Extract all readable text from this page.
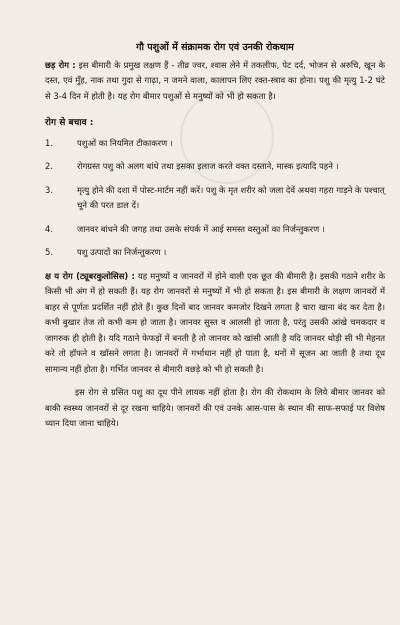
गौ पशुओं में संक्रामक रोग एवं उनकी रोकथाम

छड़ रोग : इस बीमारी के प्रमुख लक्षण हैं - तीव्र ज्वर, श्वास लेने में तकलीफ, पेट दर्द, भोजन से अरुचि, खून के दस्त, एवं मुँह, नाक तथा गुदा से गाढ़ा, न जमने वाला, कालापन लिए रक्त-स्त्राव का होना। पशु की मृत्यु 1-2 घंटे से 3-4 दिन में होती है। यह रोग बीमार पशुओं से मनुष्यों को भी हो सकता है।

रोग से बचाव :
1.	पशुओं का नियमित टीकाकरण ।
2.	रोगग्रस्त पशु को अलग बांधे तथा इसका इलाज करते वक्त दस्ताने, मास्क इत्यादि पहने ।
3.	मृत्यु होने की दशा में पोस्ट-मार्टम नहीं करें। पशु के मृत शरीर को जला देवें अथवा गहरा गाड़ने के पश्चात् चूने की परत डाल दें।
4.	जानवर बांधने की जगह तथा उसके संपर्क में आई समस्त वस्तुओं का निर्जन्तुकरण ।
5.	पशु उत्पादों का निर्जन्तुकरण ।

क्ष य रोग (ट्यूबरकुलोसिस) : यह मनुष्यों व जानवरों में होने वाली एक छूत की बीमारी है। इसकी गठाने शरीर के किसी भी अंग में हो सकती हैं। यह रोग जानवरों से मनुष्यों में भी हो सकता है। इस बीमारी के लक्षण जानवरों में बाहर से पूर्णतः प्रदर्शित नहीं होते हैं। कुछ दिनों बाद जानवर कमजोर दिखने लगता है चारा खाना बंद कर देता है। कभी बुखार तेज तो कभी कम हो जाता है। जानवर सुस्त व आलसी हो जाता है, परंतु उसकी आंखे चमकदार व जागरुक ही होती है। यदि गठाने फेफड़ों में बनती है तो जानवर को खांसी आती है यदि जानवर थोड़ी सी भी मेहनत करे तो हॉफने व खॉसने लगता है। जानवरों में गर्भाधान नहीं हो पाता है, थनों में सूजन आ जाती है तथा दूध सामान्य नहीं होता है। गर्भित जानवर से बीमारी वछड़े को भी हो सकती है।

इस रोग से ग्रसित पशु का दूध पीने लायक नहीं होता है। रोग की रोकथाम के लिये बीमार जानवर को बाकी स्वस्थ्य जानवरों से दूर रखना चाहिये। जानवरों की एवं उनके आस-पास के स्थान की साफ-सफाई पर विशेष ध्यान दिया जाना चाहिये।
